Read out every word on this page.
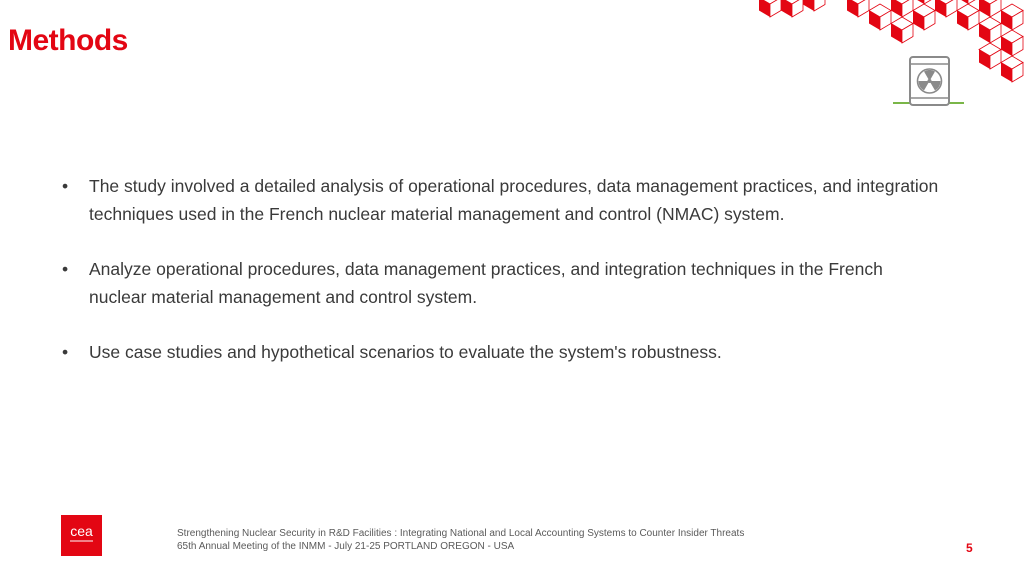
Methods
• The study involved a detailed analysis of operational procedures, data management practices, and integration techniques used in the French nuclear material management and control (NMAC) system.
• Analyze operational procedures, data management practices, and integration techniques in the French nuclear material management and control system.
• Use case studies and hypothetical scenarios to evaluate the system's robustness.
cea	Strengthening Nuclear Security in R&D Facilities : Integrating National and Local Accounting Systems to Counter Insider Threats
65th Annual Meeting of the INMM - July 21-25 PORTLAND OREGON - USA	5
